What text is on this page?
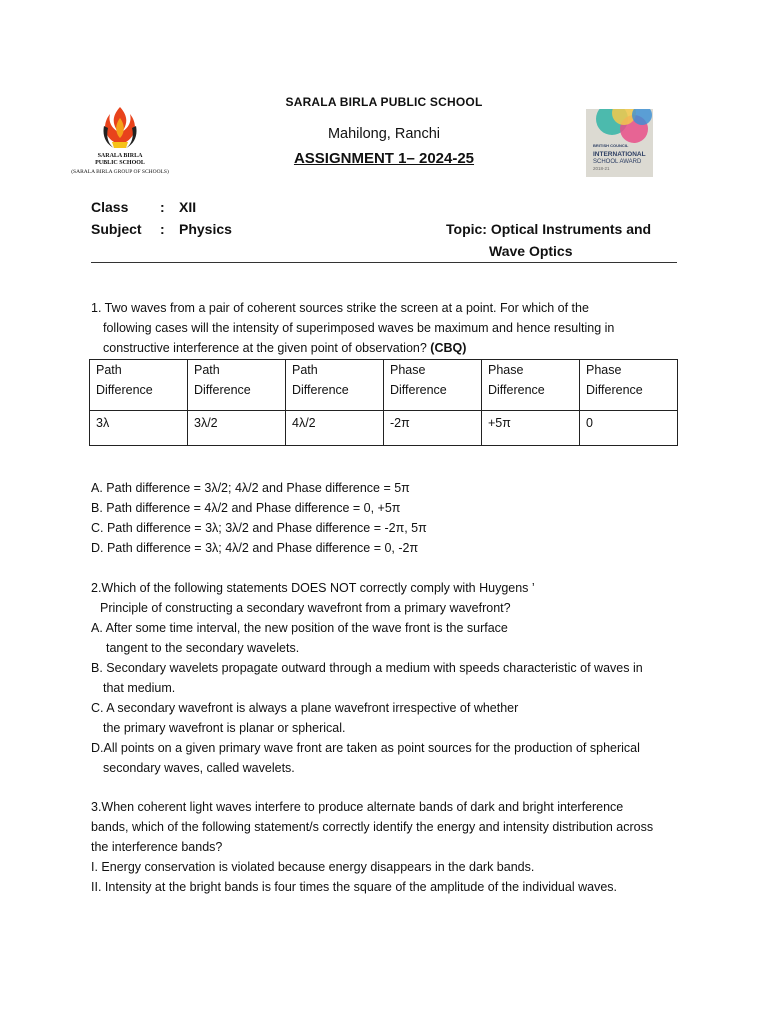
SARALA BIRLA PUBLIC SCHOOL
Mahilong, Ranchi
ASSIGNMENT 1– 2024-25
SARALA BIRLA
PUBLIC SCHOOL
(SARALA BIRLA GROUP OF SCHOOLS)
BRITISH COUNCIL
INTERNATIONAL
SCHOOL AWARD
2018-21
Class : XII
Subject : Physics	Topic: Optical Instruments and
Wave Optics
1. Two waves from a pair of coherent sources strike the screen at a point. For which of the
following cases will the intensity of superimposed waves be maximum and hence resulting in
constructive interference at the given point of observation? (CBQ)
Path
Difference	Path
Difference	Path
Difference	Phase
Difference	Phase
Difference	Phase
Difference
3λ	3λ/2	4λ/2	-2π	+5π	0
A. Path difference = 3λ/2; 4λ/2 and Phase difference = 5π
B. Path difference = 4λ/2 and Phase difference = 0, +5π
C. Path difference = 3λ; 3λ/2 and Phase difference = -2π, 5π
D. Path difference = 3λ; 4λ/2 and Phase difference = 0, -2π
2.Which of the following statements DOES NOT correctly comply with Huygens ’
Principle of constructing a secondary wavefront from a primary wavefront?
A. After some time interval, the new position of the wave front is the surface
tangent to the secondary wavelets.
B. Secondary wavelets propagate outward through a medium with speeds characteristic of waves in
that medium.
C. A secondary wavefront is always a plane wavefront irrespective of whether
the primary wavefront is planar or spherical.
D.All points on a given primary wave front are taken as point sources for the production of spherical
secondary waves, called wavelets.
3.When coherent light waves interfere to produce alternate bands of dark and bright interference
bands, which of the following statement/s correctly identify the energy and intensity distribution across
the interference bands?
I. Energy conservation is violated because energy disappears in the dark bands.
II. Intensity at the bright bands is four times the square of the amplitude of the individual waves.
